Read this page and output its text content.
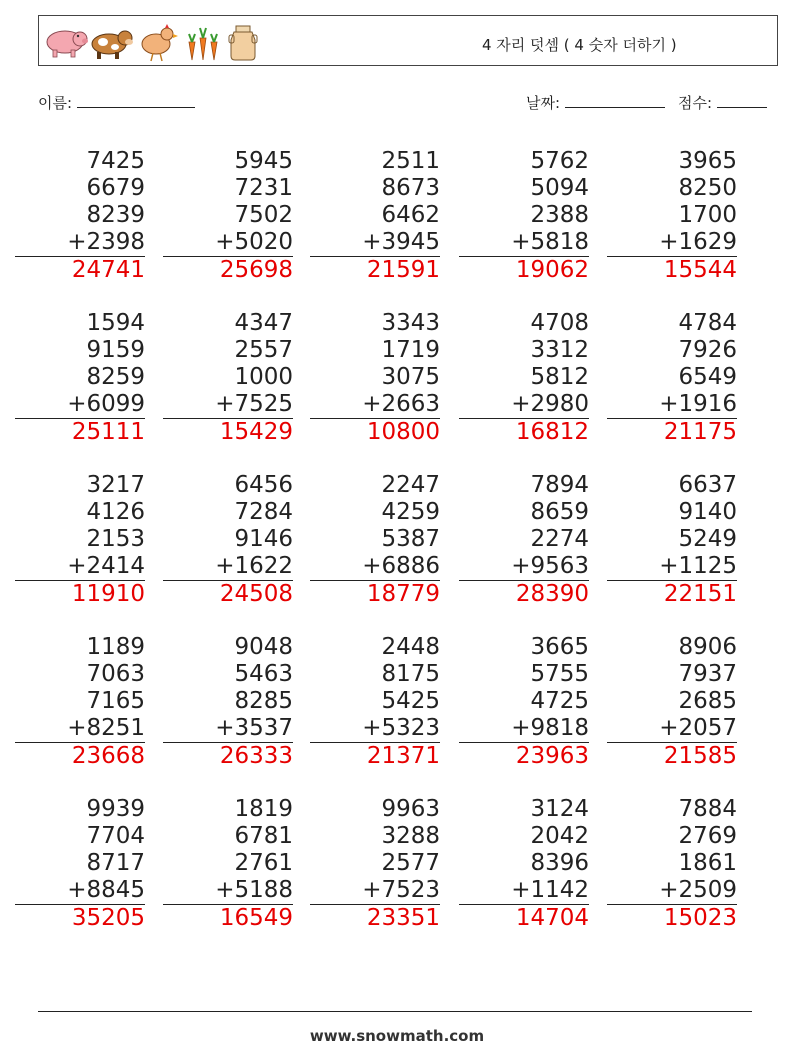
4 자리 덧셈 ( 4 숫자 더하기 )
이름:	날짜:	점수:
7425
6679
8239
+2398
24741
5945
7231
7502
+5020
25698
2511
8673
6462
+3945
21591
5762
5094
2388
+5818
19062
3965
8250
1700
+1629
15544
1594
9159
8259
+6099
25111
4347
2557
1000
+7525
15429
3343
1719
3075
+2663
10800
4708
3312
5812
+2980
16812
4784
7926
6549
+1916
21175
3217
4126
2153
+2414
11910
6456
7284
9146
+1622
24508
2247
4259
5387
+6886
18779
7894
8659
2274
+9563
28390
6637
9140
5249
+1125
22151
1189
7063
7165
+8251
23668
9048
5463
8285
+3537
26333
2448
8175
5425
+5323
21371
3665
5755
4725
+9818
23963
8906
7937
2685
+2057
21585
9939
7704
8717
+8845
35205
1819
6781
2761
+5188
16549
9963
3288
2577
+7523
23351
3124
2042
8396
+1142
14704
7884
2769
1861
+2509
15023
www.snowmath.com
